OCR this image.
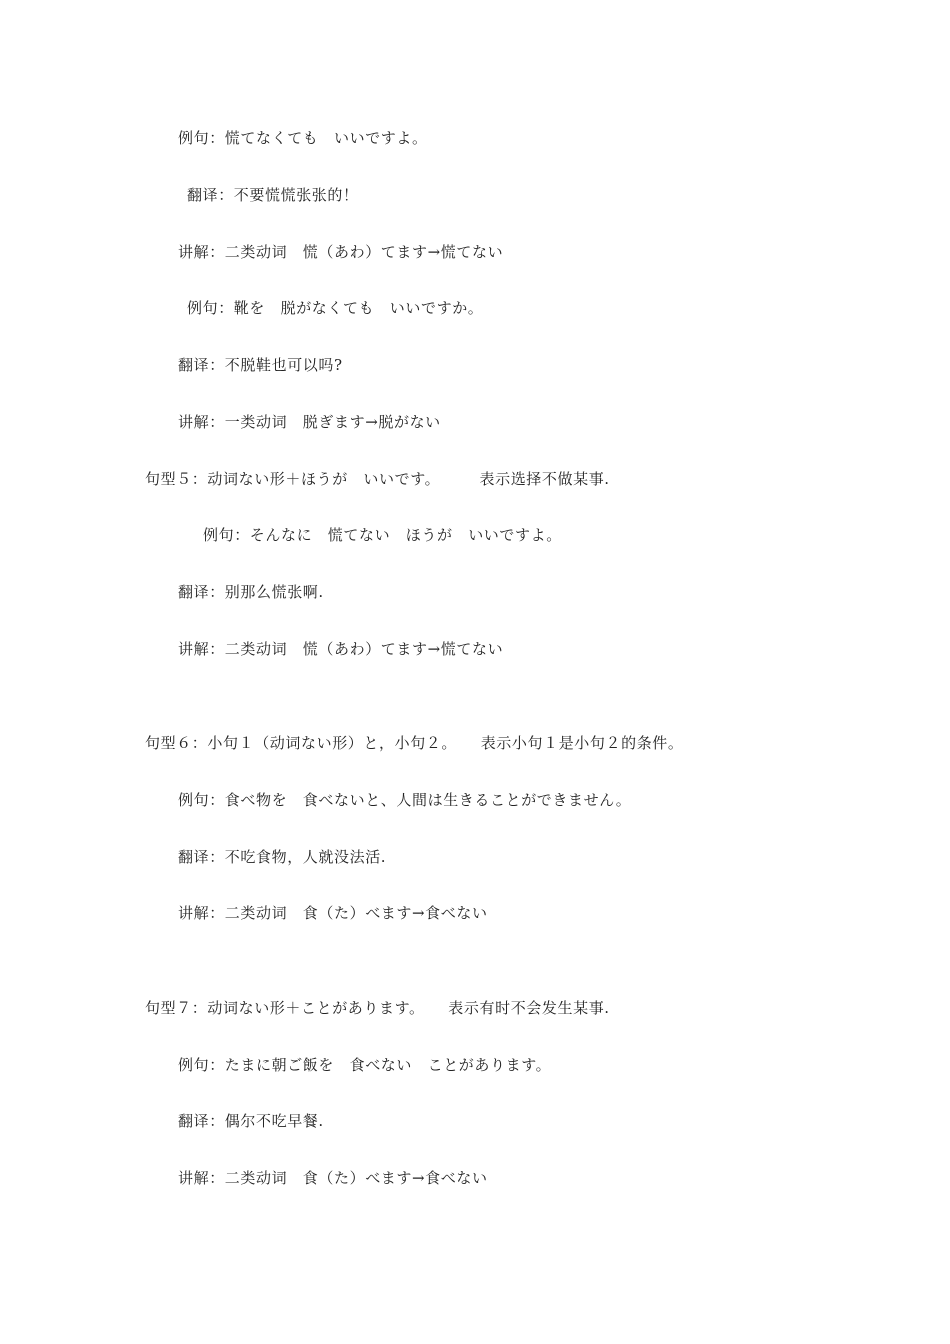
例句：慌てなくても　いいですよ。
翻译：不要慌慌张张的！
讲解：二类动词　慌（あわ）てます→慌てない
例句：靴を　脱がなくても　いいですか。
翻译：不脱鞋也可以吗?
讲解：一类动词　脱ぎます→脱がない
句型５：动词ない形＋ほうが　いいです。　　　表示选择不做某事.
例句：そんなに　慌てない　ほうが　いいですよ。
翻译：别那么慌张啊.
讲解：二类动词　慌（あわ）てます→慌てない
句型６：小句１（动词ない形）と，小句２。　　表示小句１是小句２的条件。
例句：食べ物を　食べないと、人間は生きることができません。
翻译：不吃食物，人就没法活.
讲解：二类动词　食（た）べます→食べない
句型７：动词ない形＋ことがあります。　　表示有时不会发生某事.
例句：たまに朝ご飯を　食べない　ことがあります。
翻译：偶尔不吃早餐.
讲解：二类动词　食（た）べます→食べない
